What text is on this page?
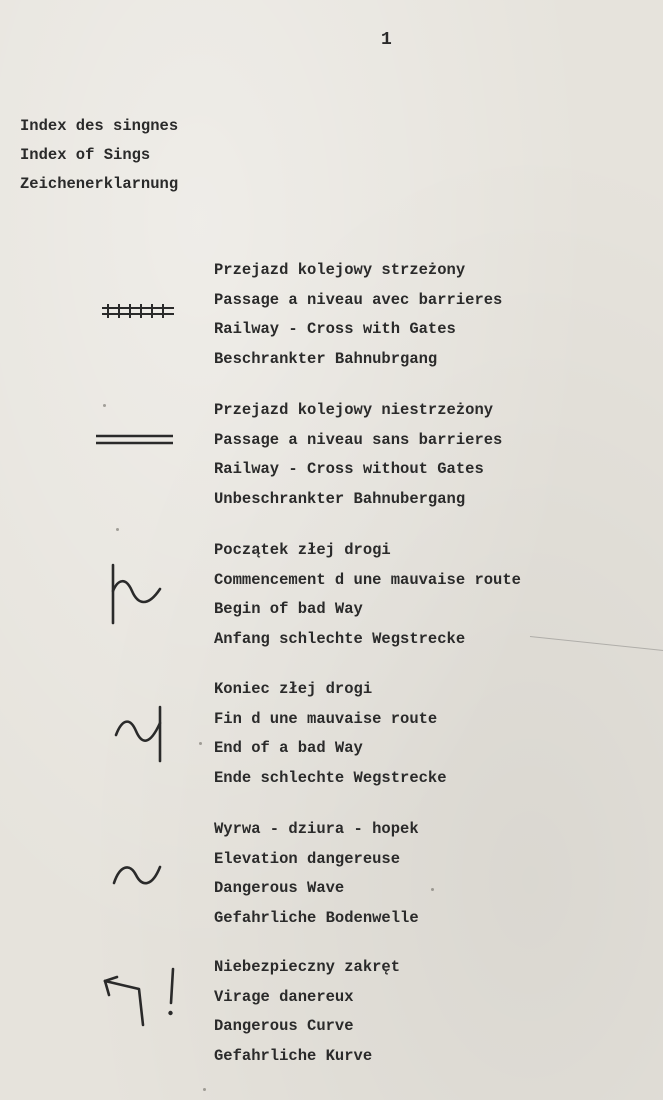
1
Index des singnes
Index of Sings
Zeichenerklarnung
Przejazd kolejowy strzeżony
Passage a niveau avec barrieres
Railway - Cross with Gates
Beschrankter Bahnubrgang
Przejazd kolejowy niestrzeżony
Passage a niveau sans barrieres
Railway - Cross without Gates
Unbeschrankter Bahnubergang
Początek złej drogi
Commencement d une mauvaise route
Begin of bad Way
Anfang schlechte Wegstrecke
Koniec złej drogi
Fin d une mauvaise route
End of a bad Way
Ende schlechte Wegstrecke
Wyrwa - dziura - hopek
Elevation dangereuse
Dangerous Wave
Gefahrliche Bodenwelle
Niebezpieczny zakręt
Virage danereux
Dangerous Curve
Gefahrliche Kurve
